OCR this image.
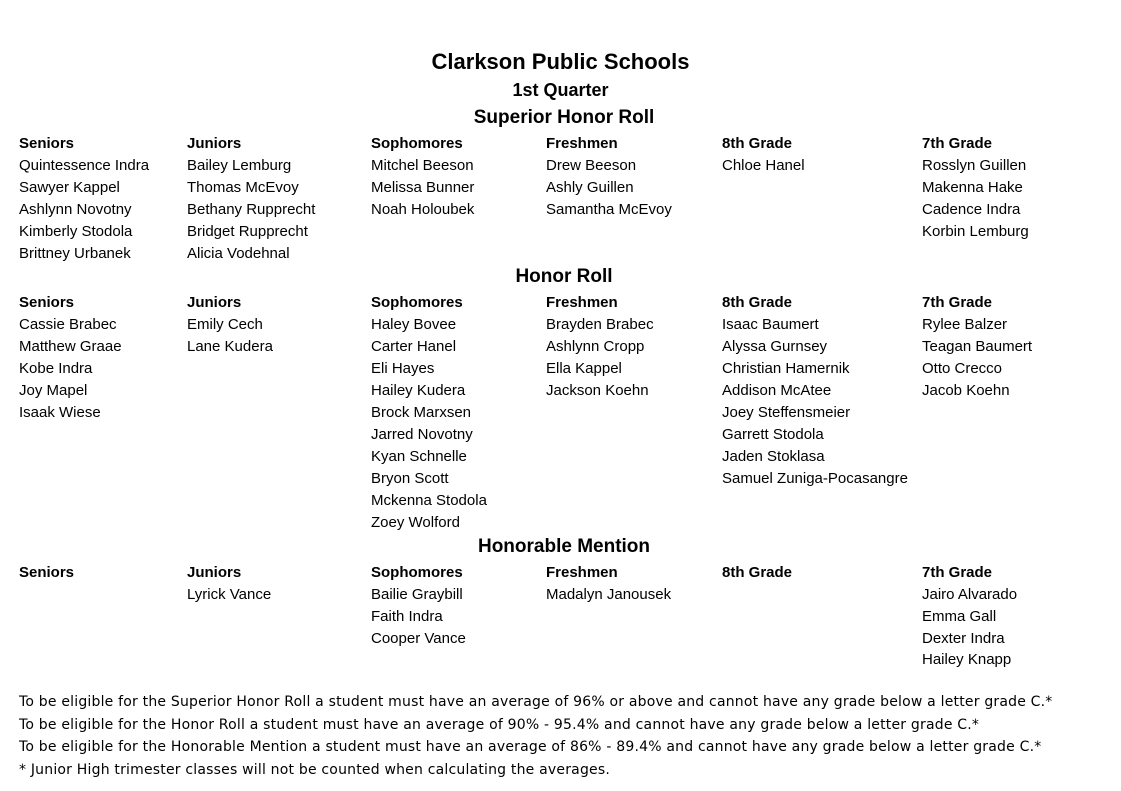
Clarkson Public Schools
1st Quarter
Superior Honor Roll
Seniors
Quintessence Indra
Sawyer Kappel
Ashlynn Novotny
Kimberly Stodola
Brittney Urbanek
Juniors
Bailey Lemburg
Thomas McEvoy
Bethany Rupprecht
Bridget Rupprecht
Alicia Vodehnal
Sophomores
Mitchel Beeson
Melissa Bunner
Noah Holoubek
Freshmen
Drew Beeson
Ashly Guillen
Samantha McEvoy
8th Grade
Chloe Hanel
7th Grade
Rosslyn Guillen
Makenna Hake
Cadence Indra
Korbin Lemburg
Honor Roll
Seniors
Cassie Brabec
Matthew Graae
Kobe Indra
Joy Mapel
Isaak Wiese
Juniors
Emily Cech
Lane Kudera
Sophomores
Haley Bovee
Carter Hanel
Eli Hayes
Hailey Kudera
Brock Marxsen
Jarred Novotny
Kyan Schnelle
Bryon Scott
Mckenna Stodola
Zoey Wolford
Freshmen
Brayden Brabec
Ashlynn Cropp
Ella Kappel
Jackson Koehn
8th Grade
Isaac Baumert
Alyssa Gurnsey
Christian Hamernik
Addison McAtee
Joey Steffensmeier
Garrett Stodola
Jaden Stoklasa
Samuel Zuniga-Pocasangre
7th Grade
Rylee Balzer
Teagan Baumert
Otto Crecco
Jacob Koehn
Honorable Mention
Seniors	Juniors
Lyrick Vance
Sophomores
Bailie Graybill
Faith Indra
Cooper Vance
Freshmen
Madalyn Janousek
8th Grade	7th Grade
Jairo Alvarado
Emma Gall
Dexter Indra
Hailey Knapp
To be eligible for the Superior Honor Roll a student must have an average of 96% or above and cannot have any grade below a letter grade C.*
To be eligible for the Honor Roll a student must have an average of 90% - 95.4% and cannot have any grade below a letter grade C.*
To be eligible for the Honorable Mention a student must have an average of 86% - 89.4% and cannot have any grade below a letter grade C.*
* Junior High trimester classes will not be counted when calculating the averages.
